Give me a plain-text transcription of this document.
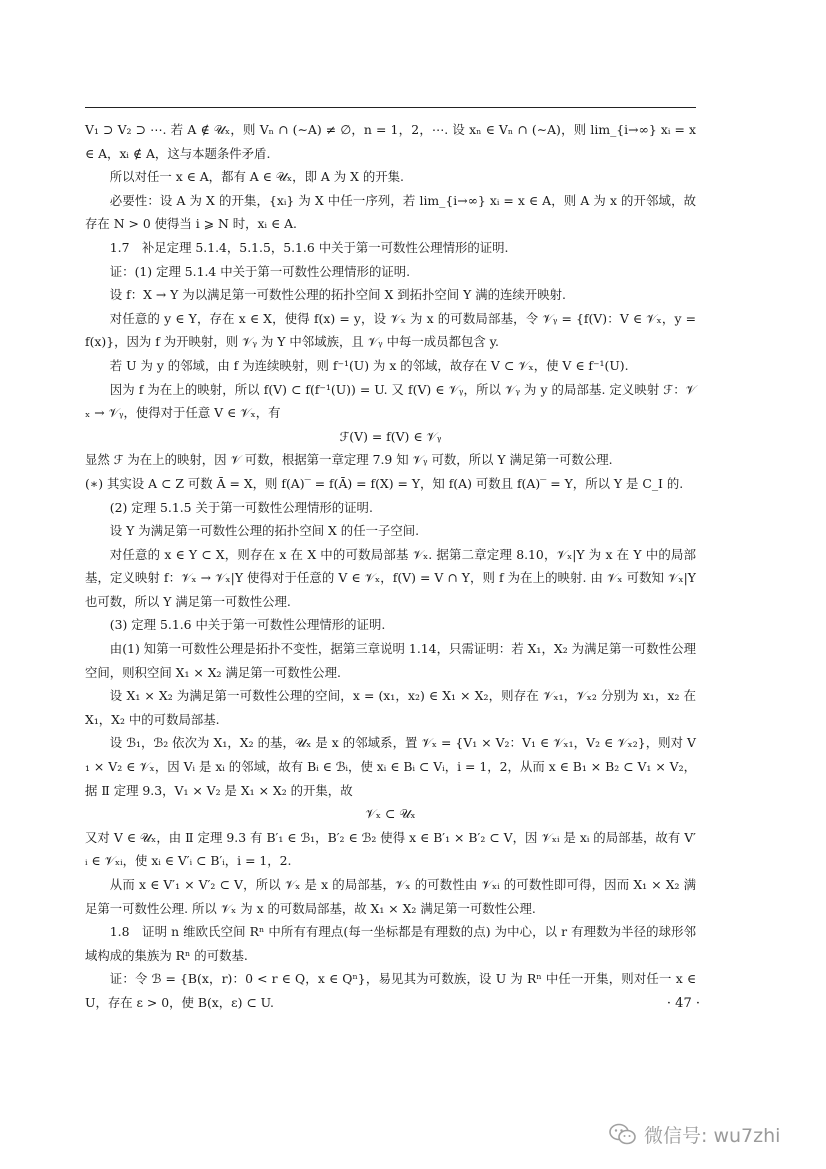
V₁ ⊃ V₂ ⊃ ⋯. 若 A ∉ 𝒰ₓ，则 Vₙ ∩ (∼A) ≠ ∅，n = 1，2，⋯. 设 xₙ ∈ Vₙ ∩ (∼A)，则 lim_{i→∞} xᵢ = x ∈ A，xᵢ ∉ A，这与本题条件矛盾.

所以对任一 x ∈ A，都有 A ∈ 𝒰ₓ，即 A 为 X 的开集.

必要性：设 A 为 X 的开集，{xᵢ} 为 X 中任一序列，若 lim_{i→∞} xᵢ = x ∈ A，则 A 为 x 的开邻域，故存在 N > 0 使得当 i ⩾ N 时，xᵢ ∈ A.

1.7　补足定理 5.1.4，5.1.5，5.1.6 中关于第一可数性公理情形的证明.

证：(1) 定理 5.1.4 中关于第一可数性公理情形的证明.

设 f：X → Y 为以满足第一可数性公理的拓扑空间 X 到拓扑空间 Y 满的连续开映射.

对任意的 y ∈ Y，存在 x ∈ X，使得 f(x) = y，设 𝒱ₓ 为 x 的可数局部基，令 𝒱ᵧ = {f(V)：V ∈ 𝒱ₓ，y = f(x)}，因为 f 为开映射，则 𝒱ᵧ 为 Y 中邻域族，且 𝒱ᵧ 中每一成员都包含 y.

若 U 为 y 的邻域，由 f 为连续映射，则 f⁻¹(U) 为 x 的邻域，故存在 V ⊂ 𝒱ₓ，使 V ∈ f⁻¹(U).

因为 f 为在上的映射，所以 f(V) ⊂ f(f⁻¹(U)) = U. 又 f(V) ∈ 𝒱ᵧ，所以 𝒱ᵧ 为 y 的局部基. 定义映射 ℱ：𝒱ₓ → 𝒱ᵧ，使得对于任意 V ∈ 𝒱ₓ，有

ℱ(V) = f(V) ∈ 𝒱ᵧ

显然 ℱ 为在上的映射，因 𝒱 可数，根据第一章定理 7.9 知 𝒱ᵧ 可数，所以 Y 满足第一可数公理.

(∗) 其实设 A ⊂ Z 可数 Ā = X，则 f(A)‾ = f(Ā) = f(X) = Y，知 f(A) 可数且 f(A)‾ = Y，所以 Y 是 C_I 的.

(2) 定理 5.1.5 关于第一可数性公理情形的证明.

设 Y 为满足第一可数性公理的拓扑空间 X 的任一子空间.

对任意的 x ∈ Y ⊂ X，则存在 x 在 X 中的可数局部基 𝒱ₓ. 据第二章定理 8.10，𝒱ₓ|Y 为 x 在 Y 中的局部基，定义映射 f：𝒱ₓ → 𝒱ₓ|Y 使得对于任意的 V ∈ 𝒱ₓ，f(V) = V ∩ Y，则 f 为在上的映射. 由 𝒱ₓ 可数知 𝒱ₓ|Y 也可数，所以 Y 满足第一可数性公理.

(3) 定理 5.1.6 中关于第一可数性公理情形的证明.

由(1) 知第一可数性公理是拓扑不变性，据第三章说明 1.14，只需证明：若 X₁，X₂ 为满足第一可数性公理空间，则积空间 X₁ × X₂ 满足第一可数性公理.

设 X₁ × X₂ 为满足第一可数性公理的空间，x = (x₁，x₂) ∈ X₁ × X₂，则存在 𝒱ₓ₁，𝒱ₓ₂ 分别为 x₁，x₂ 在 X₁，X₂ 中的可数局部基.

设 ℬ₁，ℬ₂ 依次为 X₁，X₂ 的基，𝒰ₓ 是 x 的邻域系，置 𝒱ₓ = {V₁ × V₂：V₁ ∈ 𝒱ₓ₁，V₂ ∈ 𝒱ₓ₂}，则对 V₁ × V₂ ∈ 𝒱ₓ，因 Vᵢ 是 xᵢ 的邻域，故有 Bᵢ ∈ ℬᵢ，使 xᵢ ∈ Bᵢ ⊂ Vᵢ，i = 1，2，从而 x ∈ B₁ × B₂ ⊂ V₁ × V₂，据 Ⅱ 定理 9.3，V₁ × V₂ 是 X₁ × X₂ 的开集，故

𝒱ₓ ⊂ 𝒰ₓ

又对 V ∈ 𝒰ₓ，由 Ⅱ 定理 9.3 有 B′₁ ∈ ℬ₁，B′₂ ∈ ℬ₂ 使得 x ∈ B′₁ × B′₂ ⊂ V，因 𝒱ₓᵢ 是 xᵢ 的局部基，故有 V′ᵢ ∈ 𝒱ₓᵢ，使 xᵢ ∈ V′ᵢ ⊂ B′ᵢ，i = 1，2.

从而 x ∈ V′₁ × V′₂ ⊂ V，所以 𝒱ₓ 是 x 的局部基，𝒱ₓ 的可数性由 𝒱ₓᵢ 的可数性即可得，因而 X₁ × X₂ 满足第一可数性公理. 所以 𝒱ₓ 为 x 的可数局部基，故 X₁ × X₂ 满足第一可数性公理.

1.8　证明 n 维欧氏空间 Rⁿ 中所有有理点(每一坐标都是有理数的点) 为中心，以 r 有理数为半径的球形邻域构成的集族为 Rⁿ 的可数基.

证：令 ℬ = {B(x，r)：0 < r ∈ Q，x ∈ Qⁿ}，易见其为可数族，设 U 为 Rⁿ 中任一开集，则对任一 x ∈ U，存在 ε > 0，使 B(x，ε) ⊂ U.	· 47 ·
微信号: wu7zhi
